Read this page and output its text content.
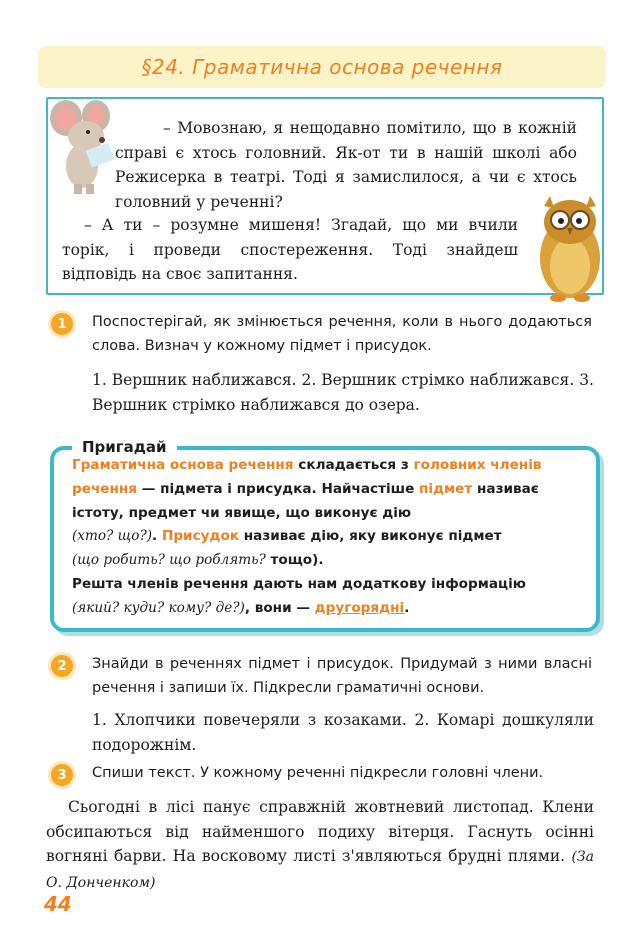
§24. Граматична основа речення
– Мовознаю, я нещодавно помітило, що в кожній справі є хтось головний. Як-от ти в нашій школі або Режисерка в театрі. Тоді я замислилося, а чи є хтось головний у реченні?
– А ти – розумне мишеня! Згадай, що ми вчили торік, і проведи спостереження. Тоді знайдеш відповідь на своє запитання.
1 Поспостерігай, як змінюється речення, коли в нього додаються слова. Визнач у кожному підмет і присудок.
1. Вершник наближався. 2. Вершник стрімко наближався. 3. Вершник стрімко наближався до озера.
Пригадай
Граматична основа речення складається з головних членів речення — підмета і присудка. Найчастіше підмет називає істоту, предмет чи явище, що виконує дію
(хто? що?). Присудок називає дію, яку виконує підмет
(що робить? що роблять? тощо).
Решта членів речення дають нам додаткову інформацію
(який? куди? кому? де?), вони — другорядні.
2 Знайди в реченнях підмет і присудок. Придумай з ними власні речення і запиши їх. Підкресли граматичні основи.
1. Хлопчики повечеряли з козаками. 2. Комарі дошкуляли подорожнім.
3 Спиши текст. У кожному реченні підкресли головні члени.
Сьогодні в лісі панує справжній жовтневий листопад. Клени обсипаються від найменшого подиху вітерця. Гаснуть осінні вогняні барви. На восковому листі з'являються брудні плями. (За О. Донченком)
44
